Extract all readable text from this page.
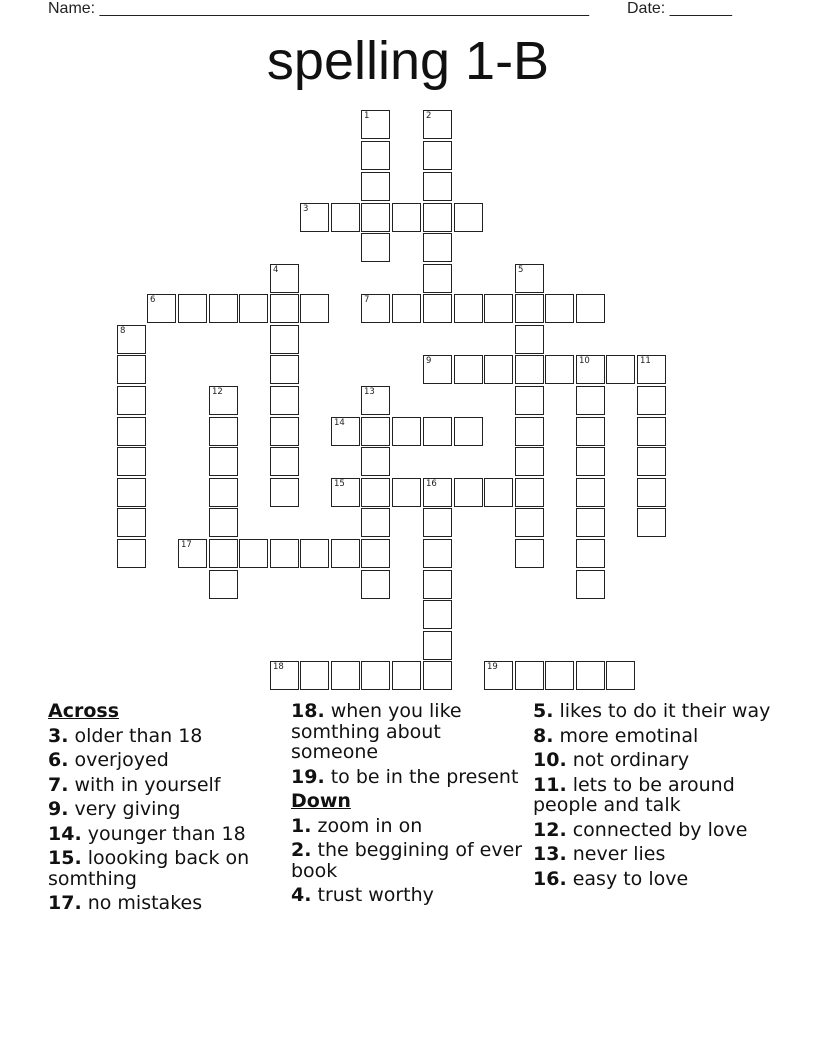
Name: _______________________________________________________ Date: _______
spelling 1-B
1	2
3
4	5
6	7
8
9	10	11
12	13
14
15	16
17
18	19
Across
3. older than 18
6. overjoyed
7. with in yourself
9. very giving
14. younger than 18
15. loooking back on somthing
17. no mistakes
18. when you like somthing about someone
19. to be in the present
Down
1. zoom in on
2. the beggining of ever book
4. trust worthy
5. likes to do it their way
8. more emotinal
10. not ordinary
11. lets to be around people and talk
12. connected by love
13. never lies
16. easy to love
